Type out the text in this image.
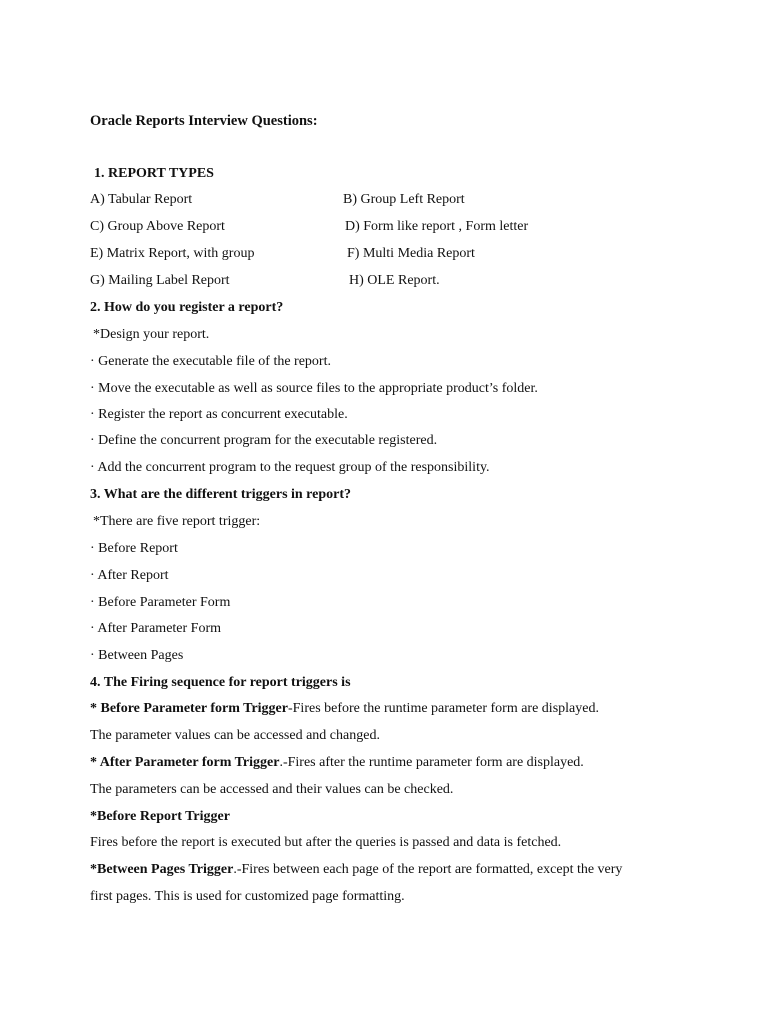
Oracle Reports Interview Questions:
1. REPORT TYPES
A) Tabular Report	B) Group Left Report
C) Group Above Report	D) Form like report , Form letter
E) Matrix Report, with group	F) Multi Media Report
G) Mailing Label Report	H) OLE Report.
2. How do you register a report?
*Design your report.
· Generate the executable file of the report.
· Move the executable as well as source files to the appropriate product’s folder.
· Register the report as concurrent executable.
· Define the concurrent program for the executable registered.
· Add the concurrent program to the request group of the responsibility.
3. What are the different triggers in report?
*There are five report trigger:
· Before Report
· After Report
· Before Parameter Form
· After Parameter Form
· Between Pages
4. The Firing sequence for report triggers is
* Before Parameter form Trigger-Fires before the runtime parameter form are displayed.
The parameter values can be accessed and changed.
* After Parameter form Trigger.-Fires after the runtime parameter form are displayed.
The parameters can be accessed and their values can be checked.
*Before Report Trigger
Fires before the report is executed but after the queries is passed and data is fetched.
*Between Pages Trigger.-Fires between each page of the report are formatted, except the very
first pages. This is used for customized page formatting.
